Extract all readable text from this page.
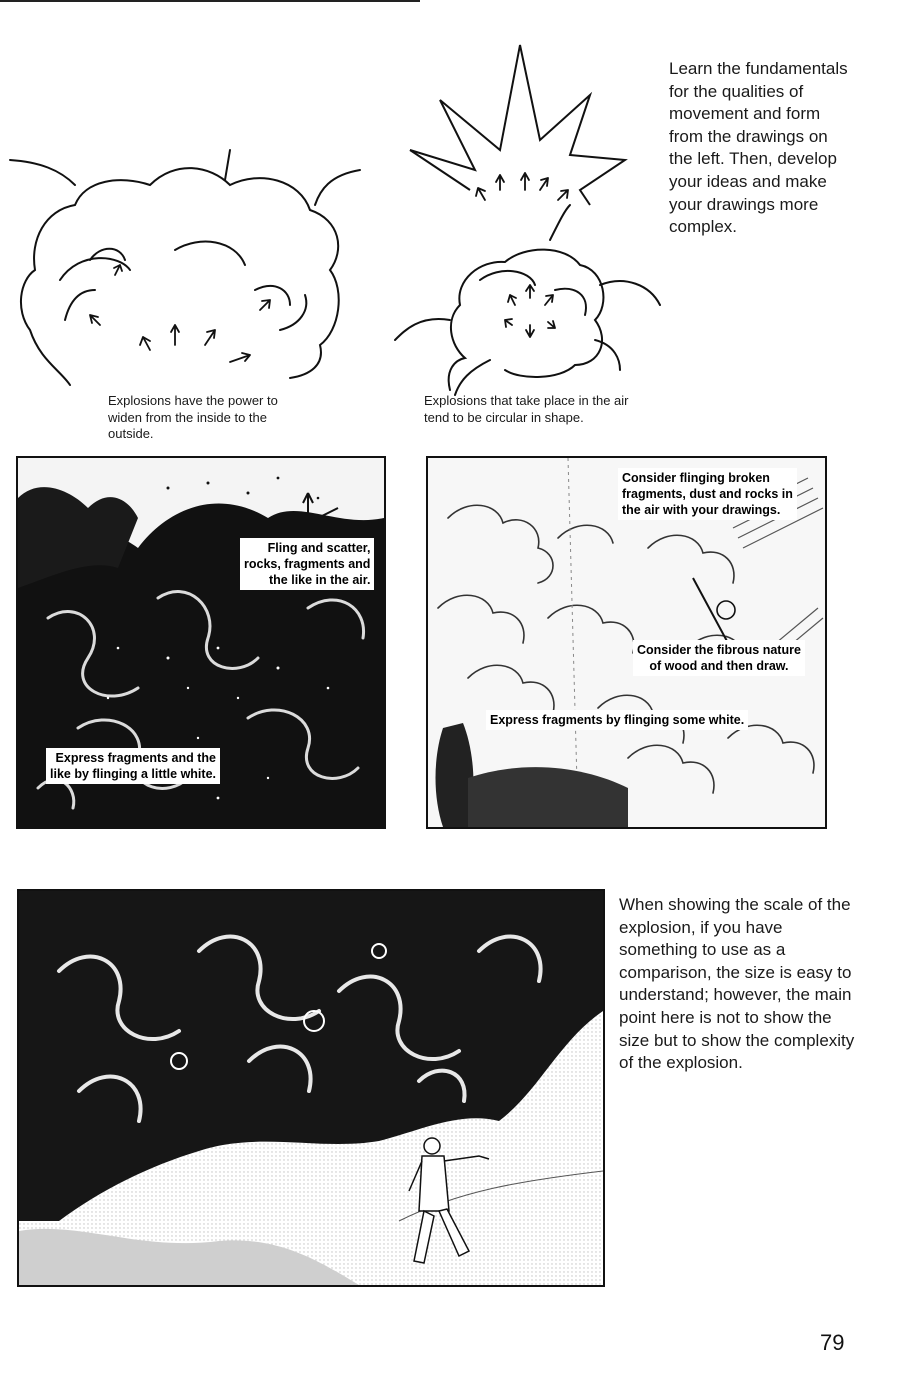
Learn the fundamentals for the qualities of movement and form from the drawings on the left. Then, develop your ideas and make your drawings more complex.
Explosions have the power to widen from the inside to the outside.
Explosions that take place in the air tend to be circular in shape.
Fling and scatter,
rocks, fragments and
the like in the air.
Express fragments and the
like by flinging a little white.
Consider flinging broken
fragments, dust and rocks in
the air with your drawings.
Consider the fibrous nature
of wood and then draw.
Express fragments by flinging some white.
When showing the scale of the explosion, if you have something to use as a comparison, the size is easy to understand; however, the main point here is not to show the size but to show the complexity of the explosion.
79
